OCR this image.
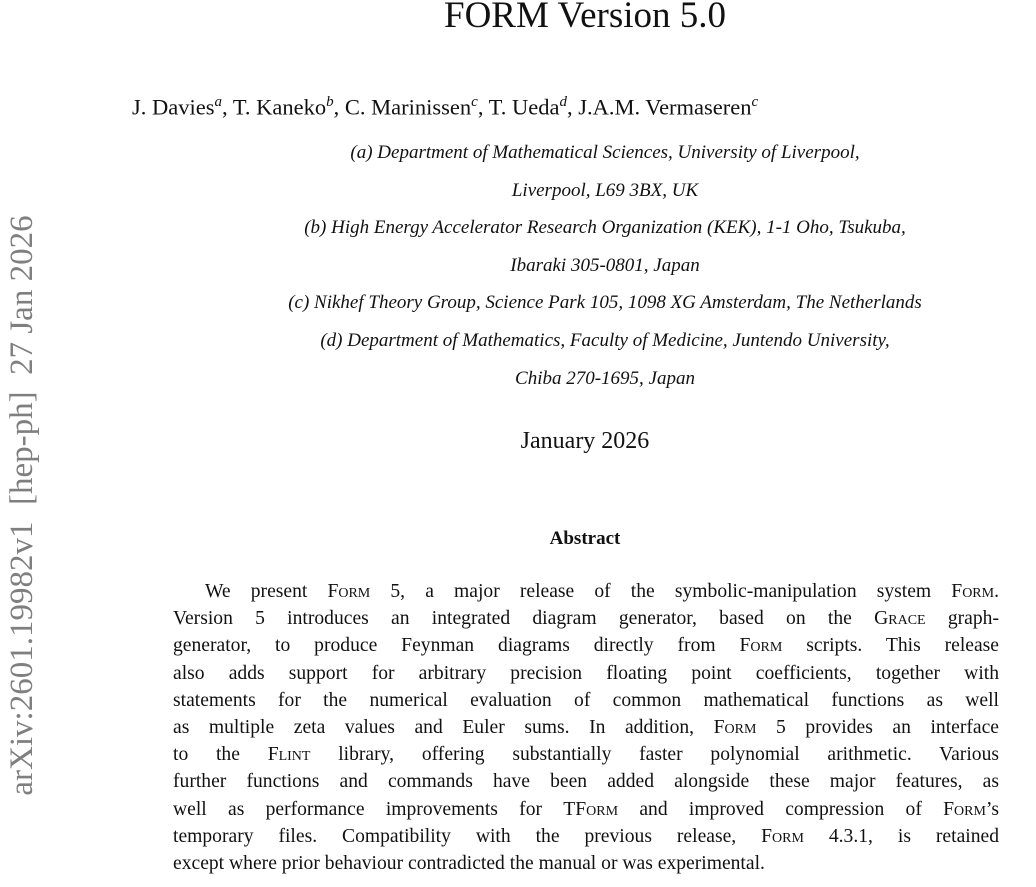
arXiv:2601.19982v1  [hep-ph]  27 Jan 2026
FORM Version 5.0
J. Davies$^a$, T. Kaneko$^b$, C. Marinissen$^c$, T. Ueda$^d$, J.A.M. Vermaseren$^c$
(a) Department of Mathematical Sciences, University of Liverpool,
Liverpool, L69 3BX, UK
(b) High Energy Accelerator Research Organization (KEK), 1-1 Oho, Tsukuba,
Ibaraki 305-0801, Japan
(c) Nikhef Theory Group, Science Park 105, 1098 XG Amsterdam, The Netherlands
(d) Department of Mathematics, Faculty of Medicine, Juntendo University,
Chiba 270-1695, Japan
January 2026
Abstract
We present Form 5, a major release of the symbolic-manipulation system Form.
Version 5 introduces an integrated diagram generator, based on the Grace graph-
generator, to produce Feynman diagrams directly from Form scripts. This release
also adds support for arbitrary precision floating point coefficients, together with
statements for the numerical evaluation of common mathematical functions as well
as multiple zeta values and Euler sums. In addition, Form 5 provides an interface
to the Flint library, offering substantially faster polynomial arithmetic. Various
further functions and commands have been added alongside these major features, as
well as performance improvements for TForm and improved compression of Form’s
temporary files. Compatibility with the previous release, Form 4.3.1, is retained
except where prior behaviour contradicted the manual or was experimental.
